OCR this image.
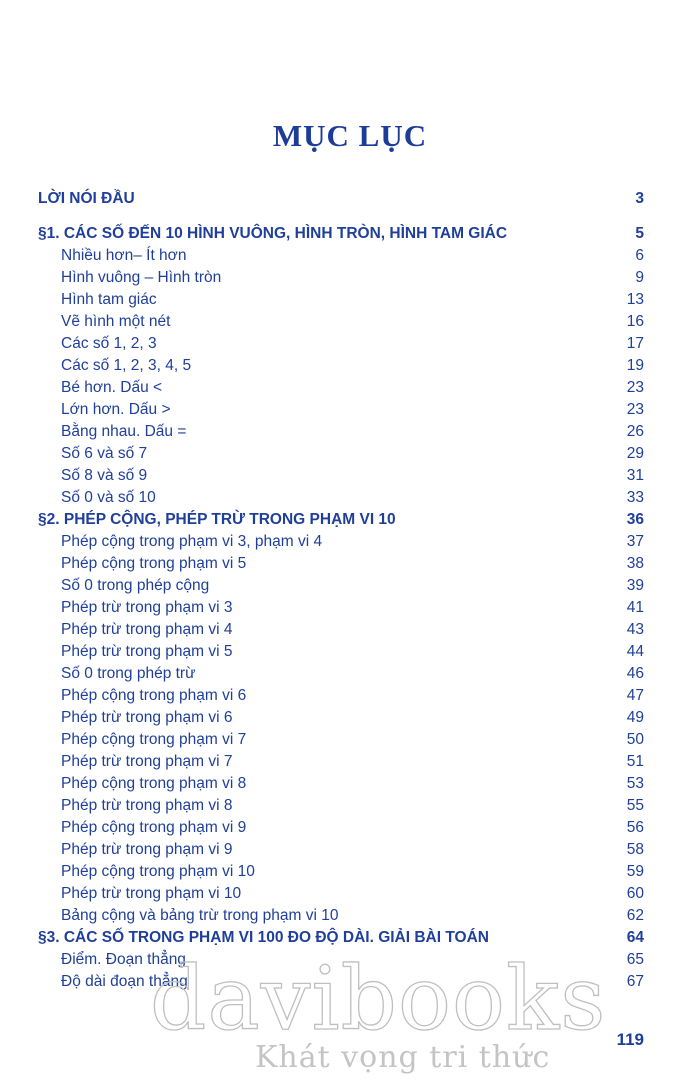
MỤC LỤC
LỜI NÓI ĐẦU	3
§1. CÁC SỐ ĐẾN 10 HÌNH VUÔNG, HÌNH TRÒN, HÌNH TAM GIÁC	5
Nhiều hơn– Ít hơn	6
Hình vuông – Hình tròn	9
Hình tam giác	13
Vẽ hình một nét	16
Các số 1, 2, 3	17
Các số 1, 2, 3, 4, 5	19
Bé hơn. Dấu <	23
Lớn hơn. Dấu >	23
Bằng nhau. Dấu =	26
Số 6 và số 7	29
Số 8 và số 9	31
Số 0 và số 10	33
§2. PHÉP CỘNG, PHÉP TRỪ TRONG PHẠM VI 10	36
Phép cộng trong phạm vi 3, phạm vi 4	37
Phép cộng trong phạm vi 5	38
Số 0 trong phép cộng	39
Phép trừ trong phạm vi 3	41
Phép trừ trong phạm vi 4	43
Phép trừ trong phạm vi 5	44
Số 0 trong phép trừ	46
Phép cộng trong phạm vi 6	47
Phép trừ trong phạm vi 6	49
Phép cộng trong phạm vi 7	50
Phép trừ trong phạm vi 7	51
Phép cộng trong phạm vi 8	53
Phép trừ trong phạm vi 8	55
Phép cộng trong phạm vi 9	56
Phép trừ trong phạm vi 9	58
Phép cộng trong phạm vi 10	59
Phép trừ trong phạm vi 10	60
Bảng cộng và bảng trừ trong phạm vi 10	62
§3. CÁC SỐ TRONG PHẠM VI 100 ĐO ĐỘ DÀI. GIẢI BÀI TOÁN	64
Điểm. Đoạn thẳng	65
Độ dài đoạn thẳng	67
davibooks
Khát vọng tri thức
119
